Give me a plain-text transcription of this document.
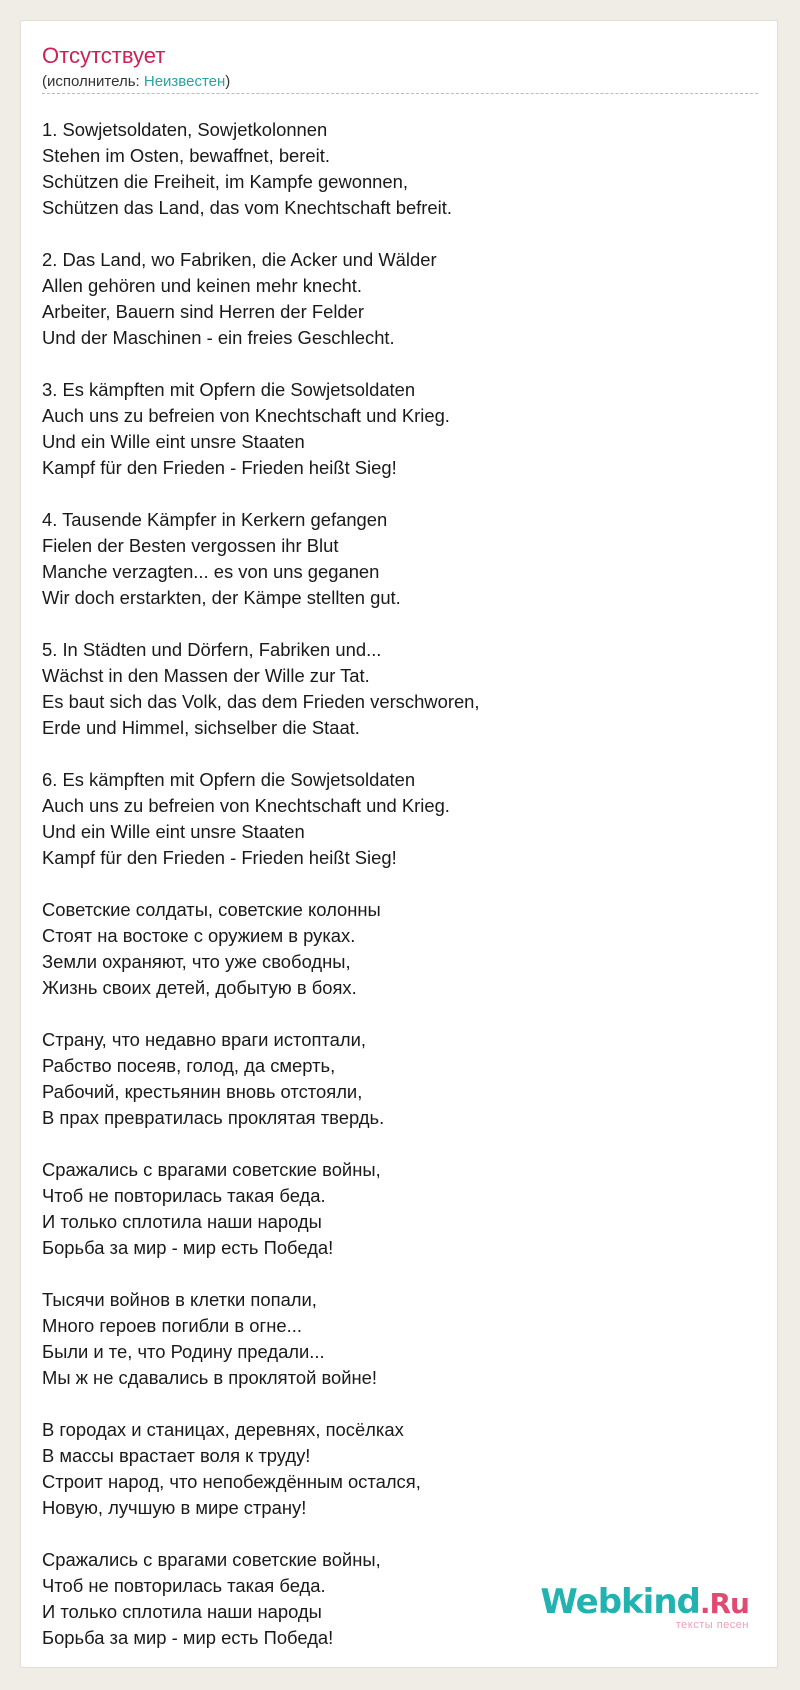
Отсутствует
(исполнитель: Неизвестен)
1. Sowjetsoldaten, Sowjetkolonnen
Stehen im Osten, bewaffnet, bereit.
Schützen die Freiheit, im Kampfe gewonnen,
Schützen das Land, das vom Knechtschaft befreit.
2. Das Land, wo Fabriken, die Acker und Wälder
Allen gehören und keinen mehr knecht.
Arbeiter, Bauern sind Herren der Felder
Und der Maschinen - ein freies Geschlecht.
3. Es kämpften mit Opfern die Sowjetsoldaten
Auch uns zu befreien von Knechtschaft und Krieg.
Und ein Wille eint unsre Staaten
Kampf für den Frieden - Frieden heißt Sieg!
4. Tausende Kämpfer in Kerkern gefangen
Fielen der Besten vergossen ihr Blut
Manche verzagten... es von uns geganen
Wir doch erstarkten, der Kämpe stellten gut.
5. In Städten und Dörfern, Fabriken und...
Wächst in den Massen der Wille zur Tat.
Es baut sich das Volk, das dem Frieden verschworen,
Erde und Himmel, sichselber die Staat.
6. Es kämpften mit Opfern die Sowjetsoldaten
Auch uns zu befreien von Knechtschaft und Krieg.
Und ein Wille eint unsre Staaten
Kampf für den Frieden - Frieden heißt Sieg!
Советские солдаты, советские колонны
Стоят на востоке с оружием в руках.
Земли охраняют, что уже свободны,
Жизнь своих детей, добытую в боях.
Страну, что недавно враги истоптали,
Рабство посеяв, голод, да смерть,
Рабочий, крестьянин вновь отстояли,
В прах превратилась проклятая твердь.
Сражались с врагами советские войны,
Чтоб не повторилась такая беда.
И только сплотила наши народы
Борьба за мир - мир есть Победа!
Тысячи войнов в клетки попали,
Много героев погибли в огне...
Были и те, что Родину предали...
Мы ж не сдавались в проклятой войне!
В городах и станицах, деревнях, посёлках
В массы врастает воля к труду!
Строит народ, что непобеждённым остался,
Новую, лучшую в мире страну!
Сражались с врагами советские войны,
Чтоб не повторилась такая беда.
И только сплотила наши народы
Борьба за мир - мир есть Победа!
Webkind.Ru
тексты песен
